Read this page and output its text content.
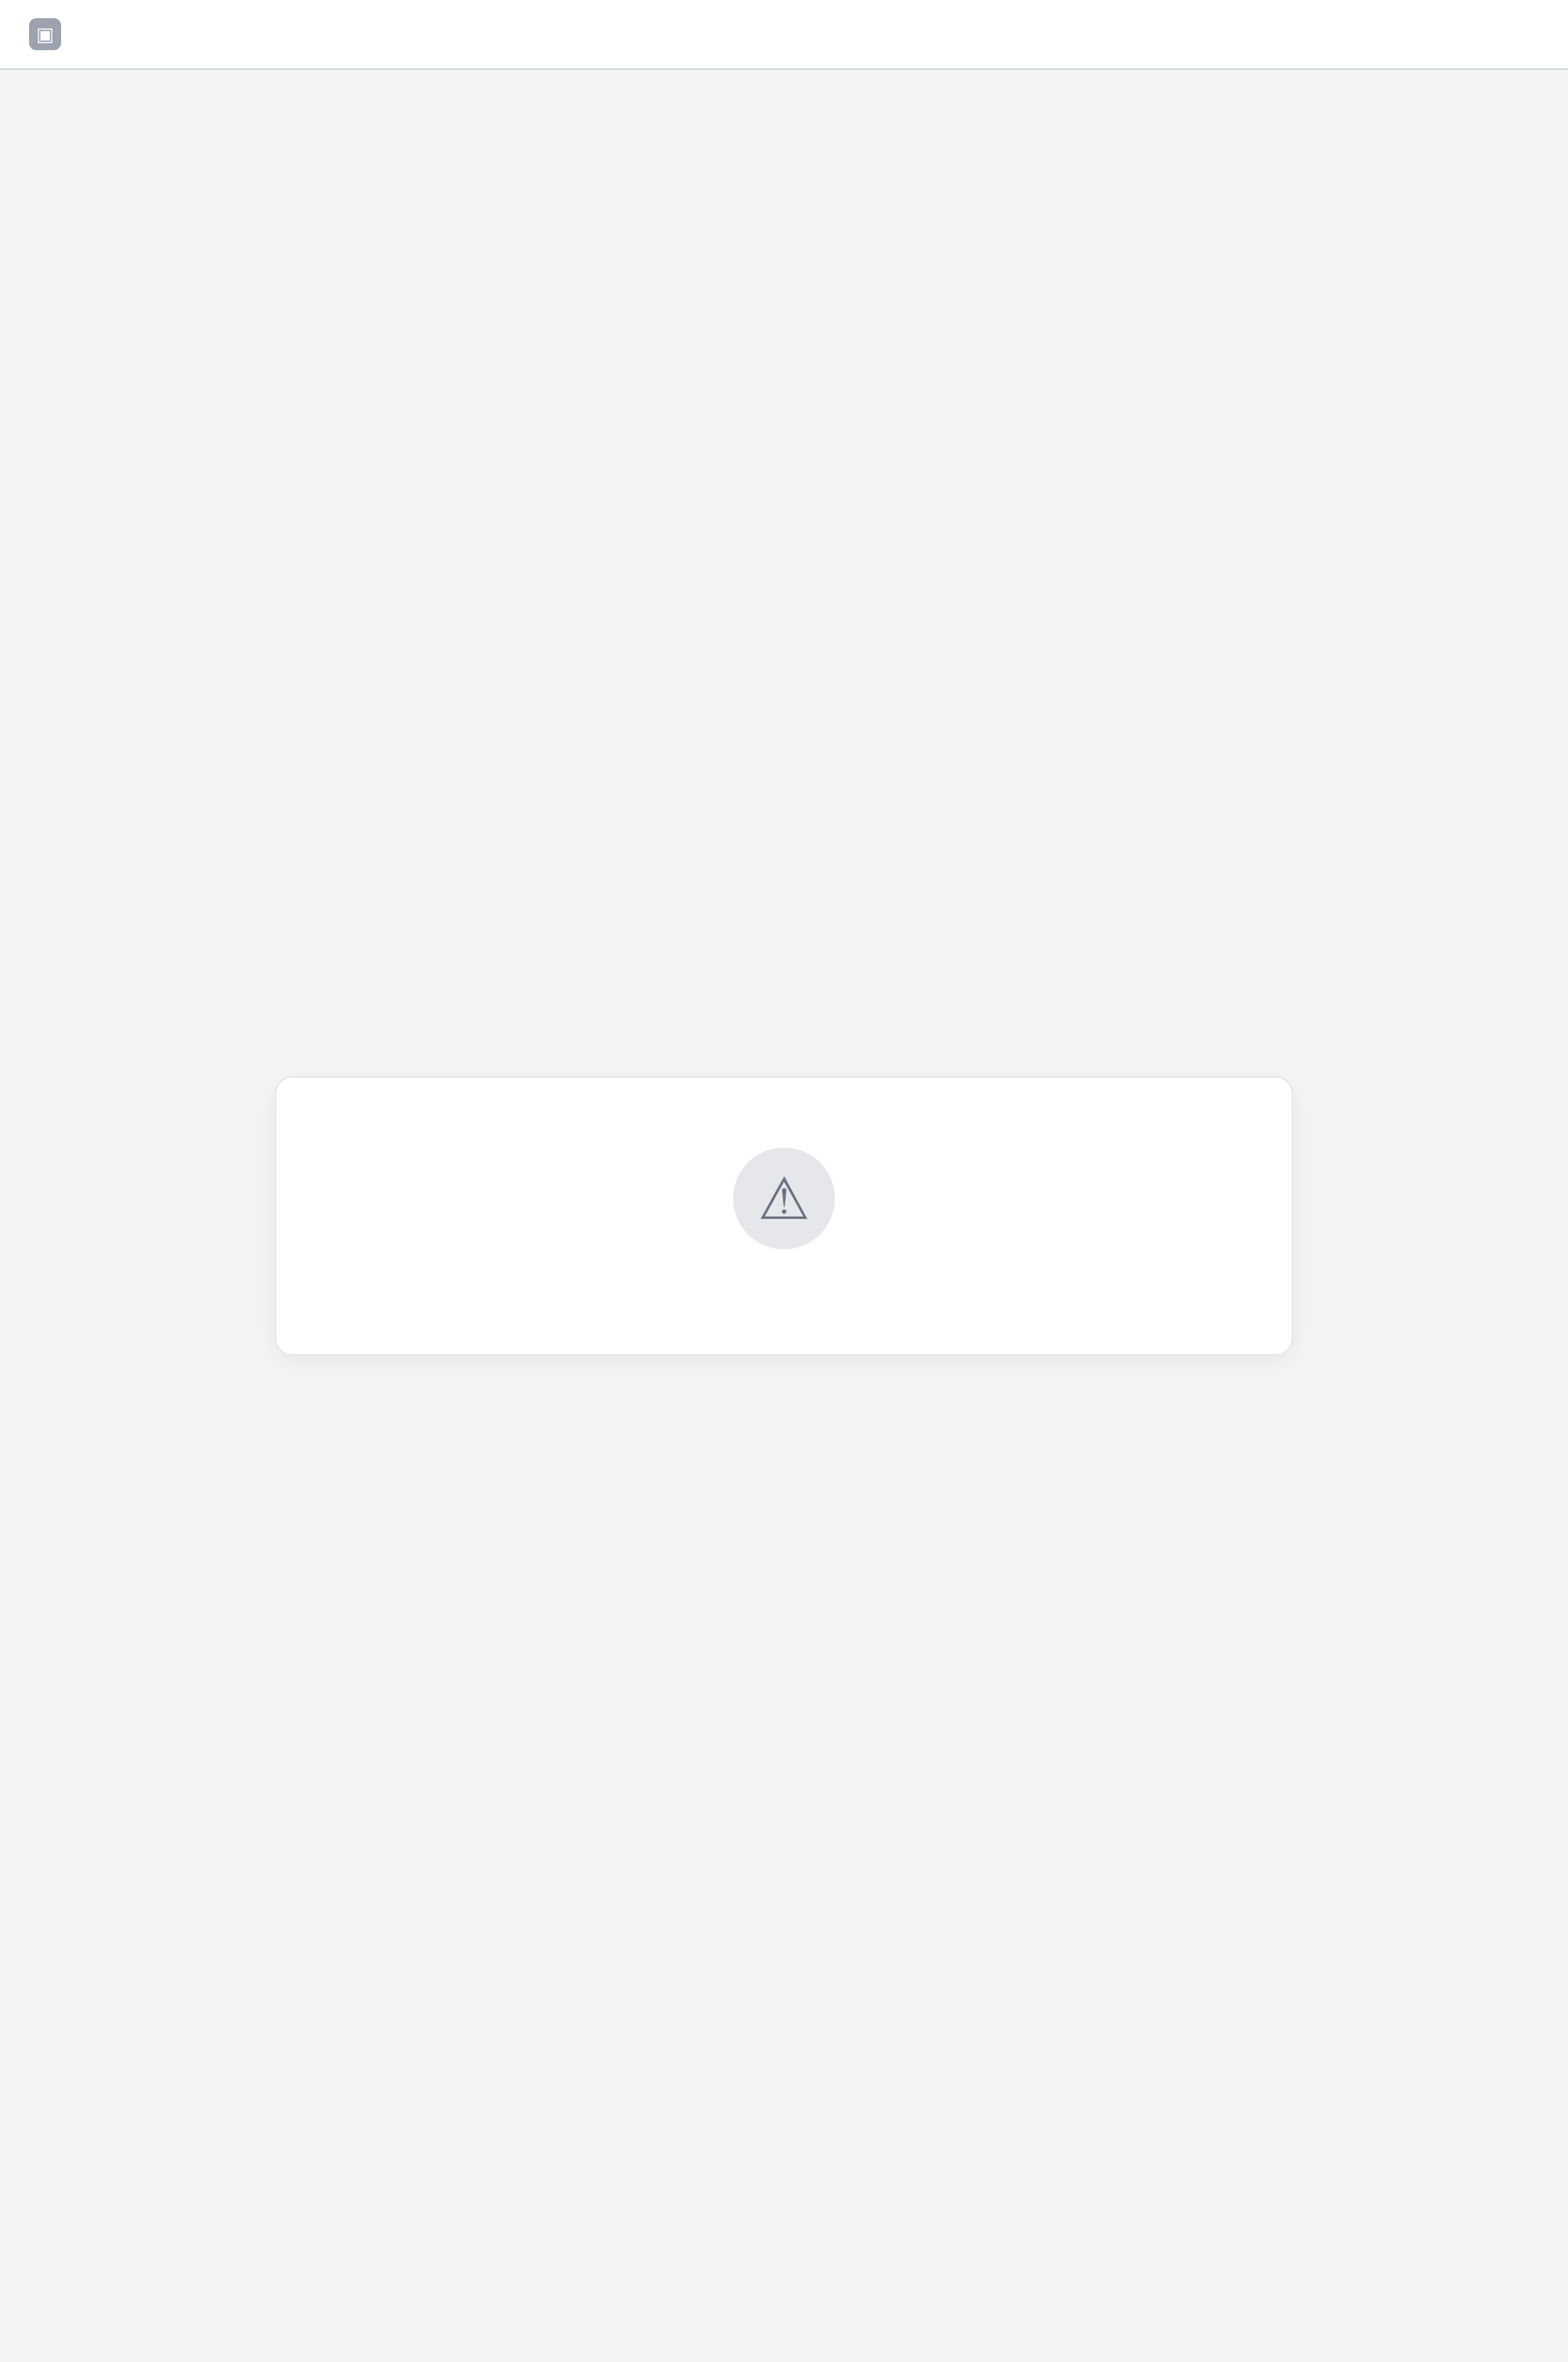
▣
⚠
